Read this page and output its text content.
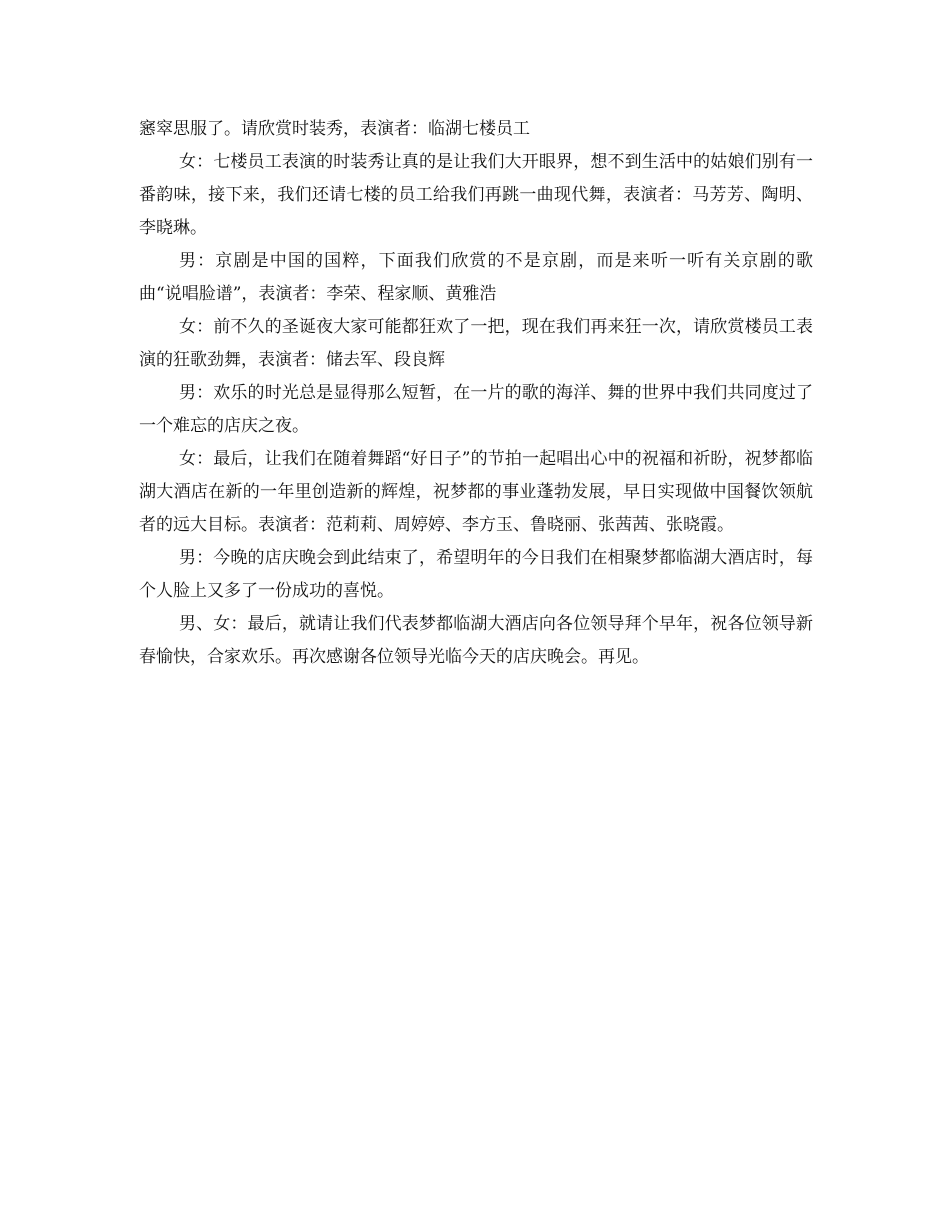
窸窣思服了。请欣赏时装秀，表演者：临湖七楼员工

女：七楼员工表演的时装秀让真的是让我们大开眼界，想不到生活中的姑娘们别有一番韵味，接下来，我们还请七楼的员工给我们再跳一曲现代舞，表演者：马芳芳、陶明、李晓琳。

男：京剧是中国的国粹，下面我们欣赏的不是京剧，而是来听一听有关京剧的歌曲“说唱脸谱”，表演者：李荣、程家顺、黄雅浩

女：前不久的圣诞夜大家可能都狂欢了一把，现在我们再来狂一次，请欣赏楼员工表演的狂歌劲舞，表演者：储去军、段良辉

男：欢乐的时光总是显得那么短暂，在一片的歌的海洋、舞的世界中我们共同度过了一个难忘的店庆之夜。

女：最后，让我们在随着舞蹈“好日子”的节拍一起唱出心中的祝福和祈盼，祝梦都临湖大酒店在新的一年里创造新的辉煌，祝梦都的事业蓬勃发展，早日实现做中国餐饮领航者的远大目标。表演者：范莉莉、周婷婷、李方玉、鲁晓丽、张茜茜、张晓霞。

男：今晚的店庆晚会到此结束了，希望明年的今日我们在相聚梦都临湖大酒店时，每个人脸上又多了一份成功的喜悦。

男、女：最后，就请让我们代表梦都临湖大酒店向各位领导拜个早年，祝各位领导新春愉快，合家欢乐。再次感谢各位领导光临今天的店庆晚会。再见。
